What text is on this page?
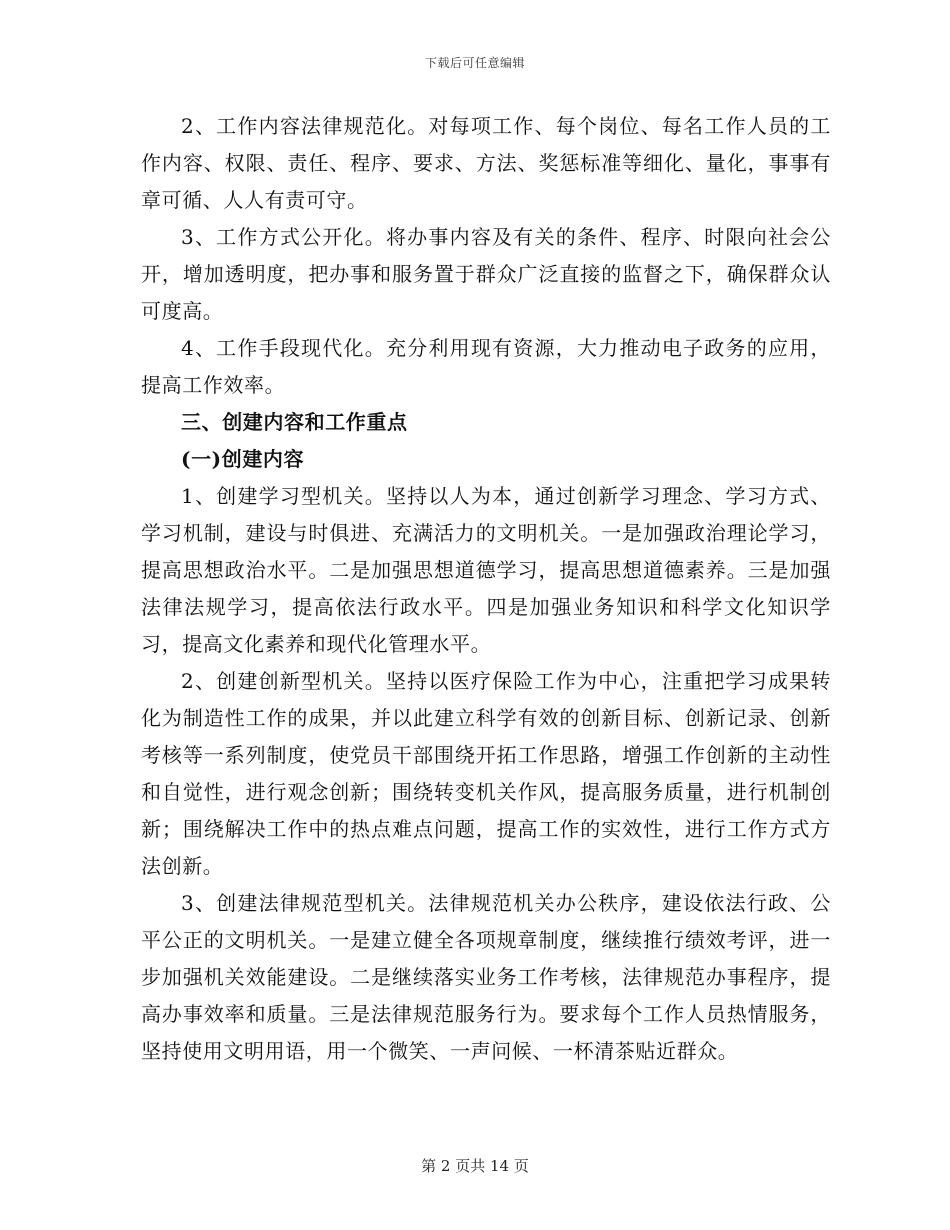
下载后可任意编辑

2、工作内容法律规范化。对每项工作、每个岗位、每名工作人员的工作内容、权限、责任、程序、要求、方法、奖惩标准等细化、量化，事事有章可循、人人有责可守。

3、工作方式公开化。将办事内容及有关的条件、程序、时限向社会公开，增加透明度，把办事和服务置于群众广泛直接的监督之下，确保群众认可度高。

4、工作手段现代化。充分利用现有资源，大力推动电子政务的应用，提高工作效率。

三、创建内容和工作重点

(一)创建内容

1、创建学习型机关。坚持以人为本，通过创新学习理念、学习方式、学习机制，建设与时俱进、充满活力的文明机关。一是加强政治理论学习，提高思想政治水平。二是加强思想道德学习，提高思想道德素养。三是加强法律法规学习，提高依法行政水平。四是加强业务知识和科学文化知识学习，提高文化素养和现代化管理水平。

2、创建创新型机关。坚持以医疗保险工作为中心，注重把学习成果转化为制造性工作的成果，并以此建立科学有效的创新目标、创新记录、创新考核等一系列制度，使党员干部围绕开拓工作思路，增强工作创新的主动性和自觉性，进行观念创新；围绕转变机关作风，提高服务质量，进行机制创新；围绕解决工作中的热点难点问题，提高工作的实效性，进行工作方式方法创新。

3、创建法律规范型机关。法律规范机关办公秩序，建设依法行政、公平公正的文明机关。一是建立健全各项规章制度，继续推行绩效考评，进一步加强机关效能建设。二是继续落实业务工作考核，法律规范办事程序，提高办事效率和质量。三是法律规范服务行为。要求每个工作人员热情服务，坚持使用文明用语，用一个微笑、一声问候、一杯清茶贴近群众。

第 2 页共 14 页
